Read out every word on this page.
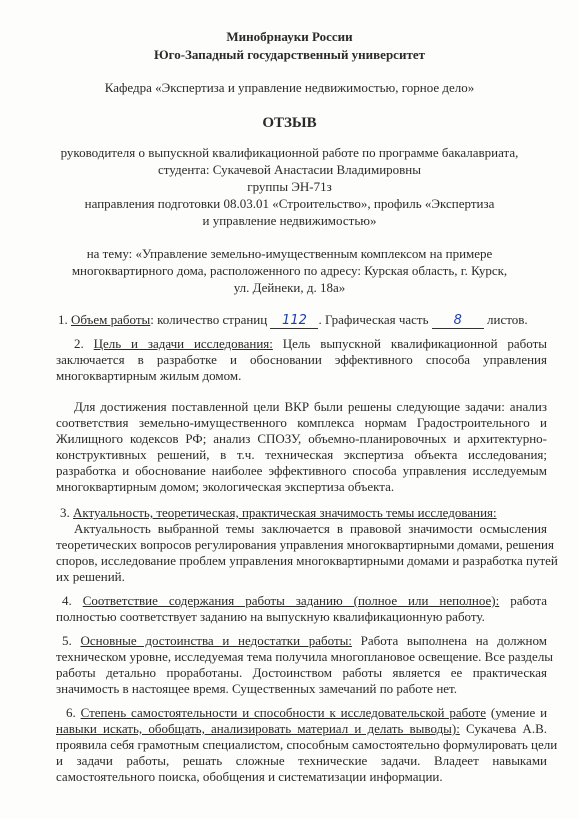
Минобрнауки России
Юго-Западный государственный университет
Кафедра «Экспертиза и управление недвижимостью, горное дело»
ОТЗЫВ
руководителя о выпускной квалификационной работе по программе бакалавриата,
студента: Сукачевой Анастасии Владимировны
группы ЭН-71з
направления подготовки 08.03.01 «Строительство», профиль «Экспертиза
и управление недвижимостью»
на тему: «Управление земельно-имущественным комплексом на примере
многоквартирного дома, расположенного по адресу: Курская область, г. Курск,
ул. Дейнеки, д. 18а»
1. Объем работы: количество страниц 112 . Графическая часть 8 листов.
2. Цель и задачи исследования: Цель выпускной квалификационной работы
заключается в разработке и обосновании эффективного способа управления
многоквартирным жилым домом.
Для достижения поставленной цели ВКР были решены следующие задачи: анализ
соответствия земельно-имущественного комплекса нормам Градостроительного и
Жилищного кодексов РФ; анализ СПОЗУ, объемно-планировочных и архитектурно-
конструктивных решений, в т.ч. техническая экспертиза объекта исследования;
разработка и обоснование наиболее эффективного способа управления исследуемым
многоквартирным домом; экологическая экспертиза объекта.
3. Актуальность, теоретическая, практическая значимость темы исследования:
Актуальность выбранной темы заключается в правовой значимости осмысления
теоретических вопросов регулирования управления многоквартирными домами, решения
споров, исследование проблем управления многоквартирными домами и разработка путей
их решений.
4. Соответствие содержания работы заданию (полное или неполное): работа
полностью соответствует заданию на выпускную квалификационную работу.
5. Основные достоинства и недостатки работы: Работа выполнена на должном
техническом уровне, исследуемая тема получила многоплановое освещение. Все разделы
работы детально проработаны. Достоинством работы является ее практическая
значимость в настоящее время. Существенных замечаний по работе нет.
6. Степень самостоятельности и способности к исследовательской работе (умение и
навыки искать, обобщать, анализировать материал и делать выводы): Сукачева А.В.
проявила себя грамотным специалистом, способным самостоятельно формулировать цели
и задачи работы, решать сложные технические задачи. Владеет навыками
самостоятельного поиска, обобщения и систематизации информации.
